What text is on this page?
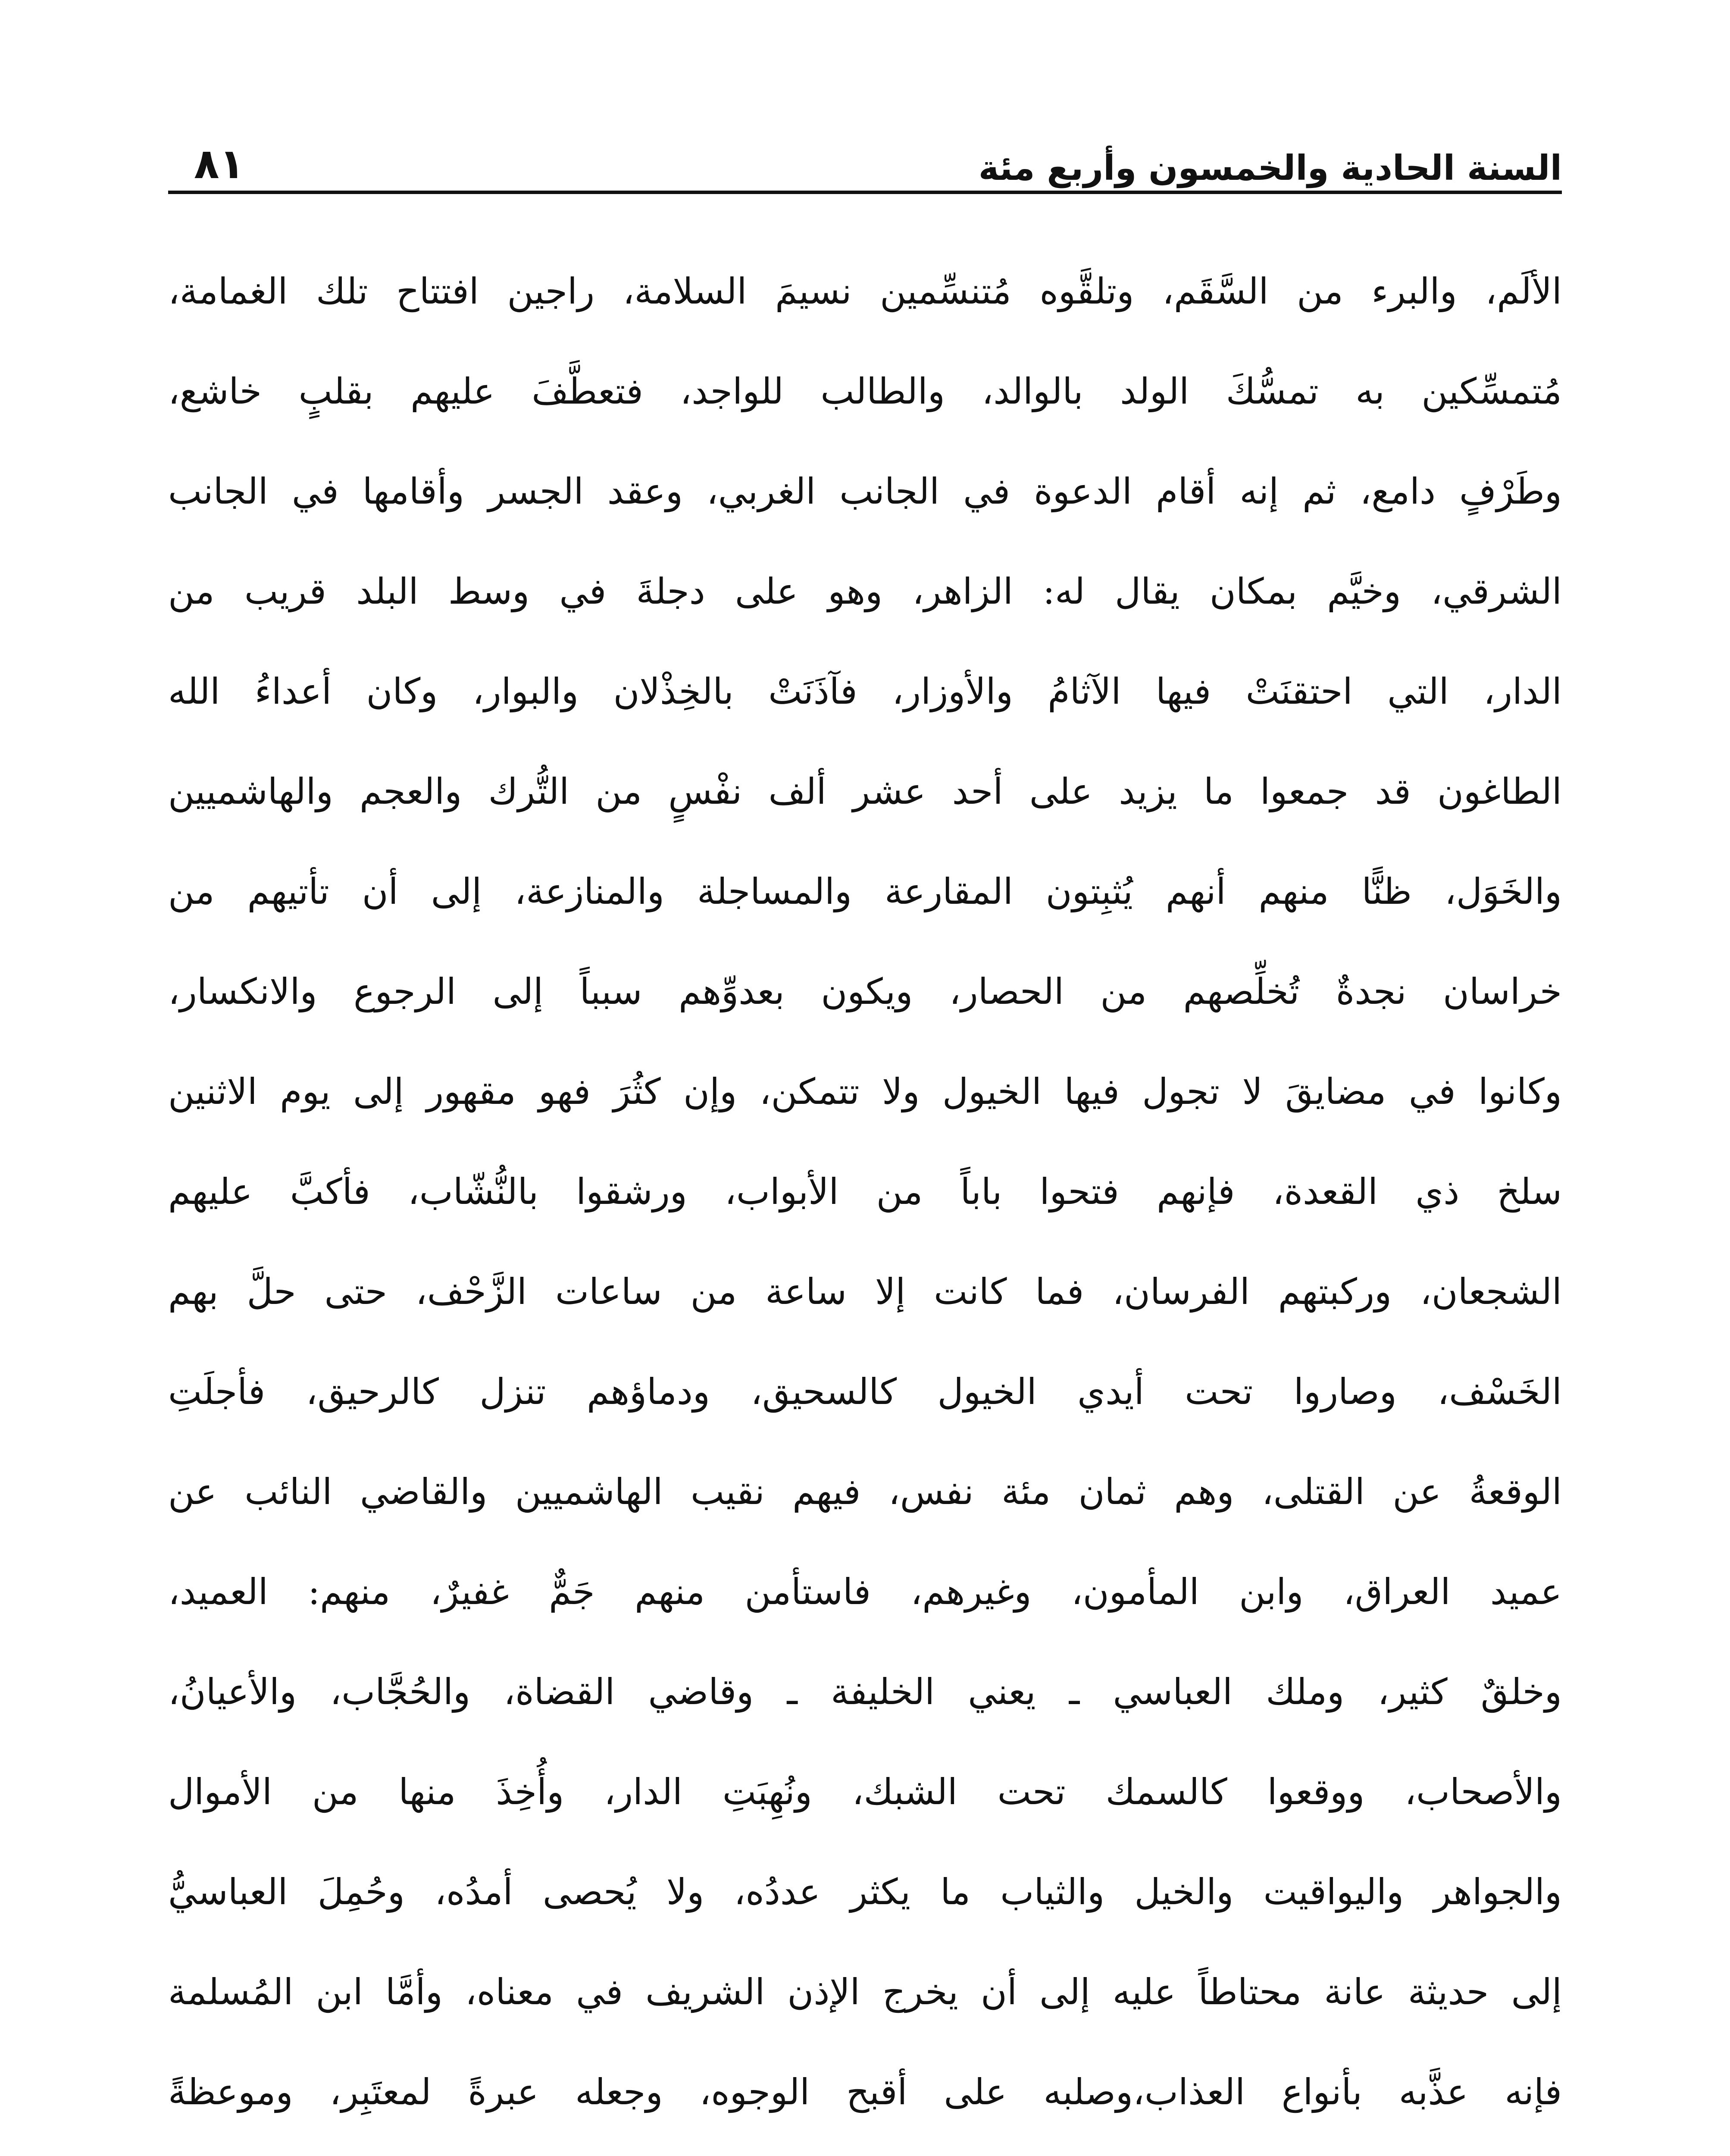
السنة الحادية والخمسون وأربع مئة
٨١
الألَم، والبرء من السَّقَم، وتلقَّوه مُتنسِّمين نسيمَ السلامة، راجين افتتاح تلك الغمامة،
مُتمسِّكين به تمسُّكَ الولد بالوالد، والطالب للواجد، فتعطَّفَ عليهم بقلبٍ خاشع،
وطَرْفٍ دامع، ثم إنه أقام الدعوة في الجانب الغربي، وعقد الجسر وأقامها في الجانب
الشرقي، وخيَّم بمكان يقال له: الزاهر، وهو على دجلةَ في وسط البلد قريب من
الدار، التي احتقنَتْ فيها الآثامُ والأوزار، فآذَنَتْ بالخِذْلان والبوار، وكان أعداءُ الله
الطاغون قد جمعوا ما يزيد على أحد عشر ألف نفْسٍ من التُّرك والعجم والهاشميين
والخَوَل، ظنًّا منهم أنهم يُثبِتون المقارعة والمساجلة والمنازعة، إلى أن تأتيهم من
خراسان نجدةٌ تُخلِّصهم من الحصار، ويكون بعدوِّهم سبباً إلى الرجوع والانكسار،
وكانوا في مضايقَ لا تجول فيها الخيول ولا تتمكن، وإن كثُرَ فهو مقهور إلى يوم الاثنين
سلخ ذي القعدة، فإنهم فتحوا باباً من الأبواب، ورشقوا بالنُّشّاب، فأكبَّ عليهم
الشجعان، وركبتهم الفرسان، فما كانت إلا ساعة من ساعات الزَّحْف، حتى حلَّ بهم
الخَسْف، وصاروا تحت أيدي الخيول كالسحيق، ودماؤهم تنزل كالرحيق، فأجلَتِ
الوقعةُ عن القتلى، وهم ثمان مئة نفس، فيهم نقيب الهاشميين والقاضي النائب عن
عميد العراق، وابن المأمون، وغيرهم، فاستأمن منهم جَمٌّ غفيرٌ، منهم: العميد،
وخلقٌ كثير، وملك العباسي ـ يعني الخليفة ـ وقاضي القضاة، والحُجَّاب، والأعيانُ،
والأصحاب، ووقعوا كالسمك تحت الشبك، ونُهِبَتِ الدار، وأُخِذَ منها من الأموال
والجواهر واليواقيت والخيل والثياب ما يكثر عددُه، ولا يُحصى أمدُه، وحُمِلَ العباسيُّ
إلى حديثة عانة محتاطاً عليه إلى أن يخرج الإذن الشريف في معناه، وأمَّا ابن المُسلمة
فإنه عذَّبه بأنواع العذاب،وصلبه على أقبح الوجوه، وجعله عبرةً لمعتَبِر، وموعظةً
